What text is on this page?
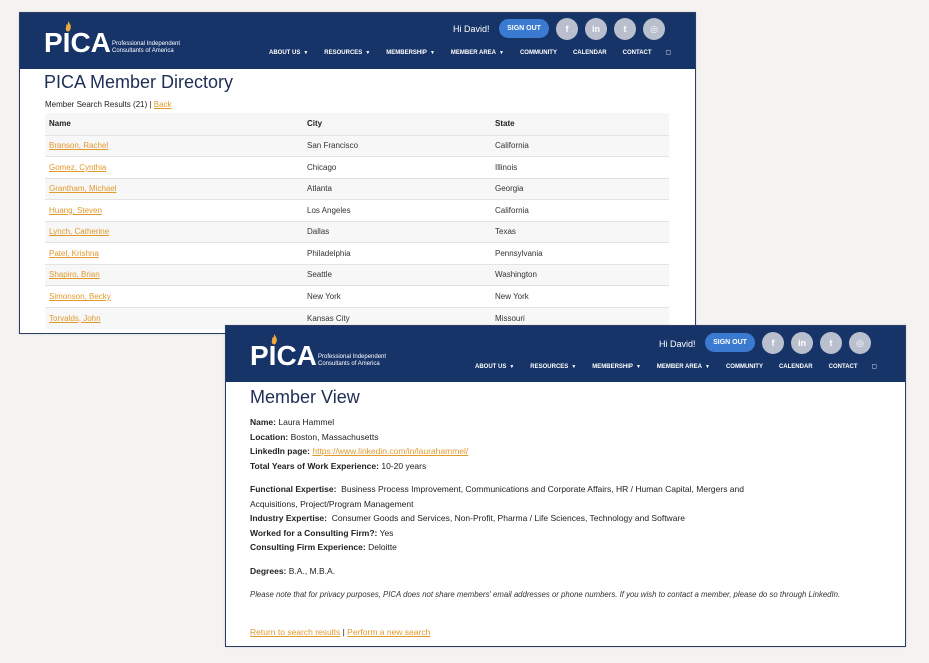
PICA Professional Independent Consultants of America
Hi David!	SIGN OUT	f	in	t	◎
ABOUT US ▼	RESOURCES ▼	MEMBERSHIP ▼	MEMBER AREA ▼	COMMUNITY	CALENDAR	CONTACT ▢
PICA Member Directory
Member Search Results (21) | Back
Name	City	State
Branson, Rachel	San Francisco	California
Gomez, Cynthia	Chicago	Illinois
Grantham, Michael	Atlanta	Georgia
Huang, Steven	Los Angeles	California
Lynch, Catherine	Dallas	Texas
Patel, Krishna	Philadelphia	Pennsylvania
Shapiro, Brian	Seattle	Washington
Simonson, Becky	New York	New York
Torvalds, John	Kansas City	Missouri
PICA Professional Independent Consultants of America
Hi David!	SIGN OUT	f	in	t	◎
ABOUT US ▼	RESOURCES ▼	MEMBERSHIP ▼	MEMBER AREA ▼	COMMUNITY	CALENDAR	CONTACT ▢
Member View
Name: Laura Hammel
Location: Boston, Massachusetts
LinkedIn page: https://www.linkedin.com/in/laurahammel/
Total Years of Work Experience: 10-20 years
Functional Expertise: Business Process Improvement, Communications and Corporate Affairs, HR / Human Capital, Mergers and Acquisitions, Project/Program Management
Industry Expertise: Consumer Goods and Services, Non-Profit, Pharma / Life Sciences, Technology and Software
Worked for a Consulting Firm?: Yes
Consulting Firm Experience: Deloitte
Degrees: B.A., M.B.A.
Please note that for privacy purposes, PICA does not share members' email addresses or phone numbers. If you wish to contact a member, please do so through LinkedIn.
Return to search results | Perform a new search
